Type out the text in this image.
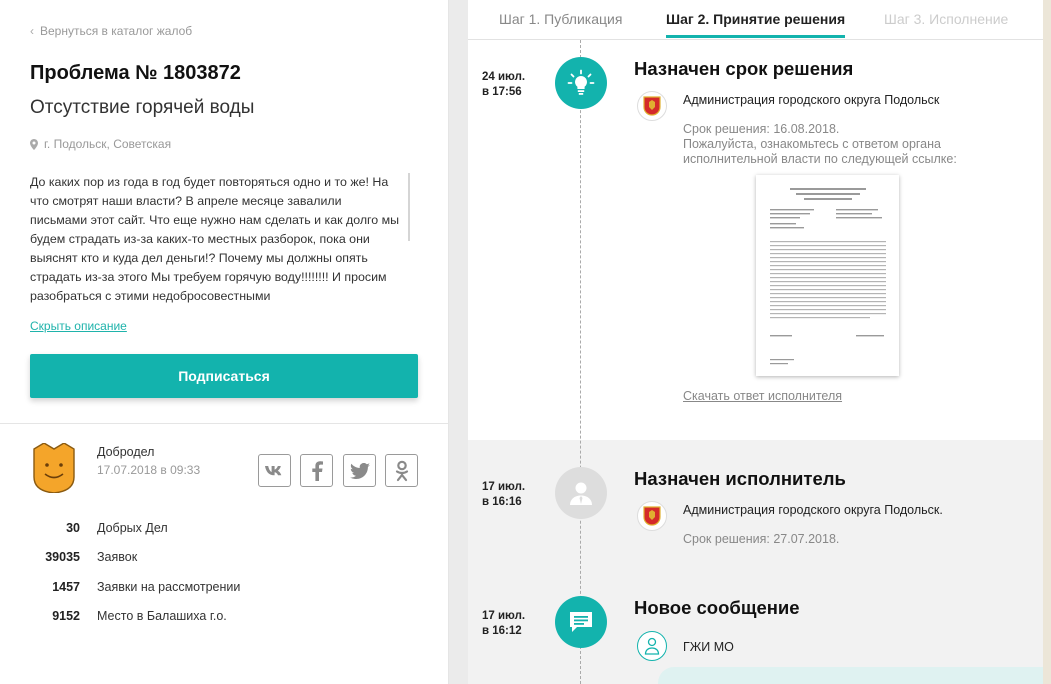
‹ Вернуться в каталог жалоб
Проблема № 1803872
Отсутствие горячей воды
г. Подольск, Советская
До каких пор из года в год будет повторяться одно и то же! На что смотрят наши власти? В апреле месяце завалили письмами этот сайт. Что еще нужно нам сделать и как долго мы будем страдать из-за каких-то местных разборок, пока они выяснят кто и куда дел деньги!? Почему мы должны опять страдать из-за этого Мы требуем горячую воду!!!!!!!! И просим разобраться с этими недобросовестными
Скрыть описание
Подписаться
Добродел
17.07.2018 в 09:33
30 Добрых Дел
39035 Заявок
1457 Заявки на рассмотрении
9152 Место в Балашиха г.о.
Шаг 1. Публикация	Шаг 2. Принятие решения	Шаг 3. Исполнение
24 июл.
в 17:56
Назначен срок решения
Администрация городского округа Подольск
Срок решения: 16.08.2018.
Пожалуйста, ознакомьтесь с ответом органа исполнительной власти по следующей ссылке:
Скачать ответ исполнителя
17 июл.
в 16:16
Назначен исполнитель
Администрация городского округа Подольск.
Срок решения: 27.07.2018.
17 июл.
в 16:12
Новое сообщение
ГЖИ МО
